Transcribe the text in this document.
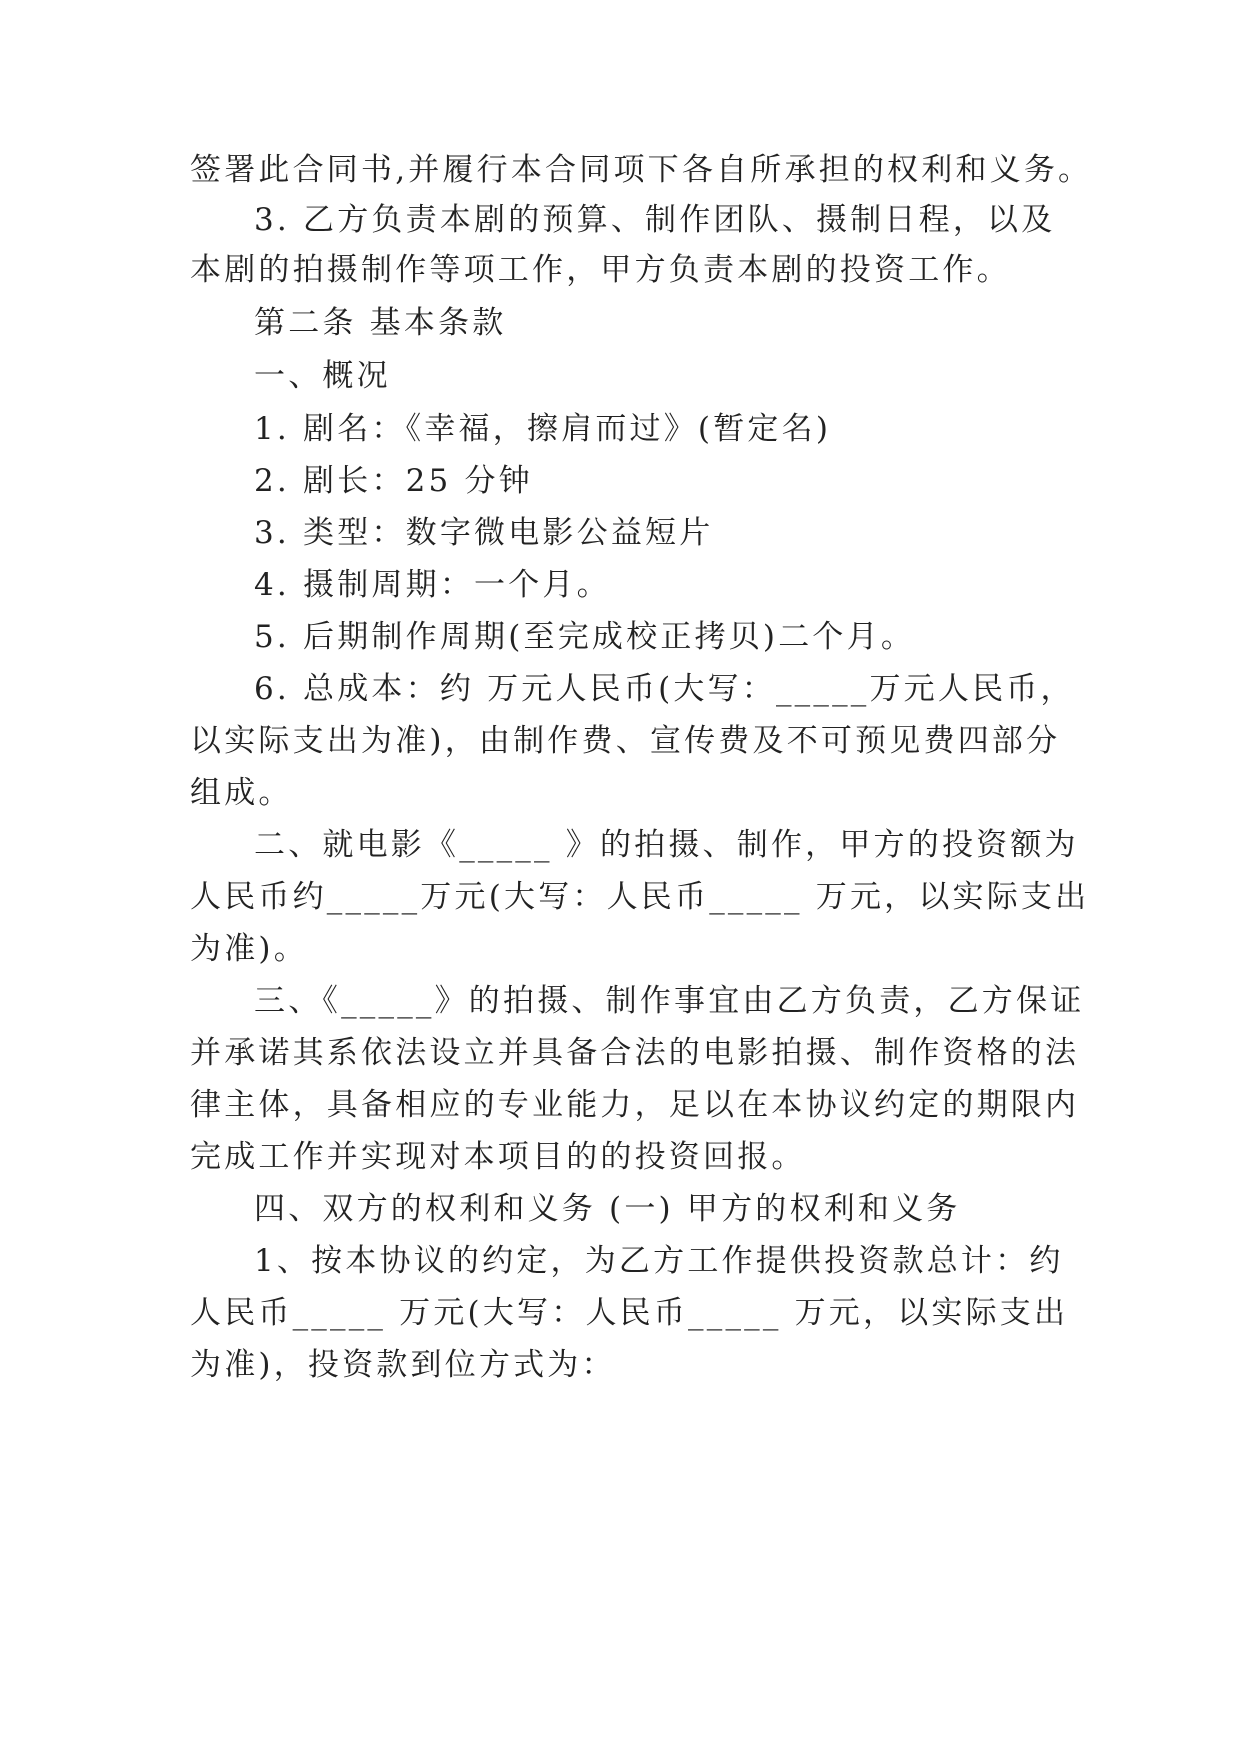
签署此合同书,并履行本合同项下各自所承担的权利和义务。
3. 乙方负责本剧的预算、制作团队、摄制日程，以及
本剧的拍摄制作等项工作，甲方负责本剧的投资工作。
第二条 基本条款
一、概况
1. 剧名：《幸福，擦肩而过》(暂定名)
2. 剧长：25 分钟
3. 类型：数字微电影公益短片
4. 摄制周期：一个月。
5. 后期制作周期(至完成校正拷贝)二个月。
6. 总成本：约 万元人民币(大写：_____万元人民币，
以实际支出为准)，由制作费、宣传费及不可预见费四部分
组成。
二、就电影《_____ 》的拍摄、制作，甲方的投资额为
人民币约_____万元(大写：人民币_____ 万元，以实际支出
为准)。
三、《_____》的拍摄、制作事宜由乙方负责，乙方保证
并承诺其系依法设立并具备合法的电影拍摄、制作资格的法
律主体，具备相应的专业能力，足以在本协议约定的期限内
完成工作并实现对本项目的的投资回报。
四、双方的权利和义务 (一) 甲方的权利和义务
1、按本协议的约定，为乙方工作提供投资款总计：约
人民币_____ 万元(大写：人民币_____ 万元，以实际支出
为准)，投资款到位方式为：
